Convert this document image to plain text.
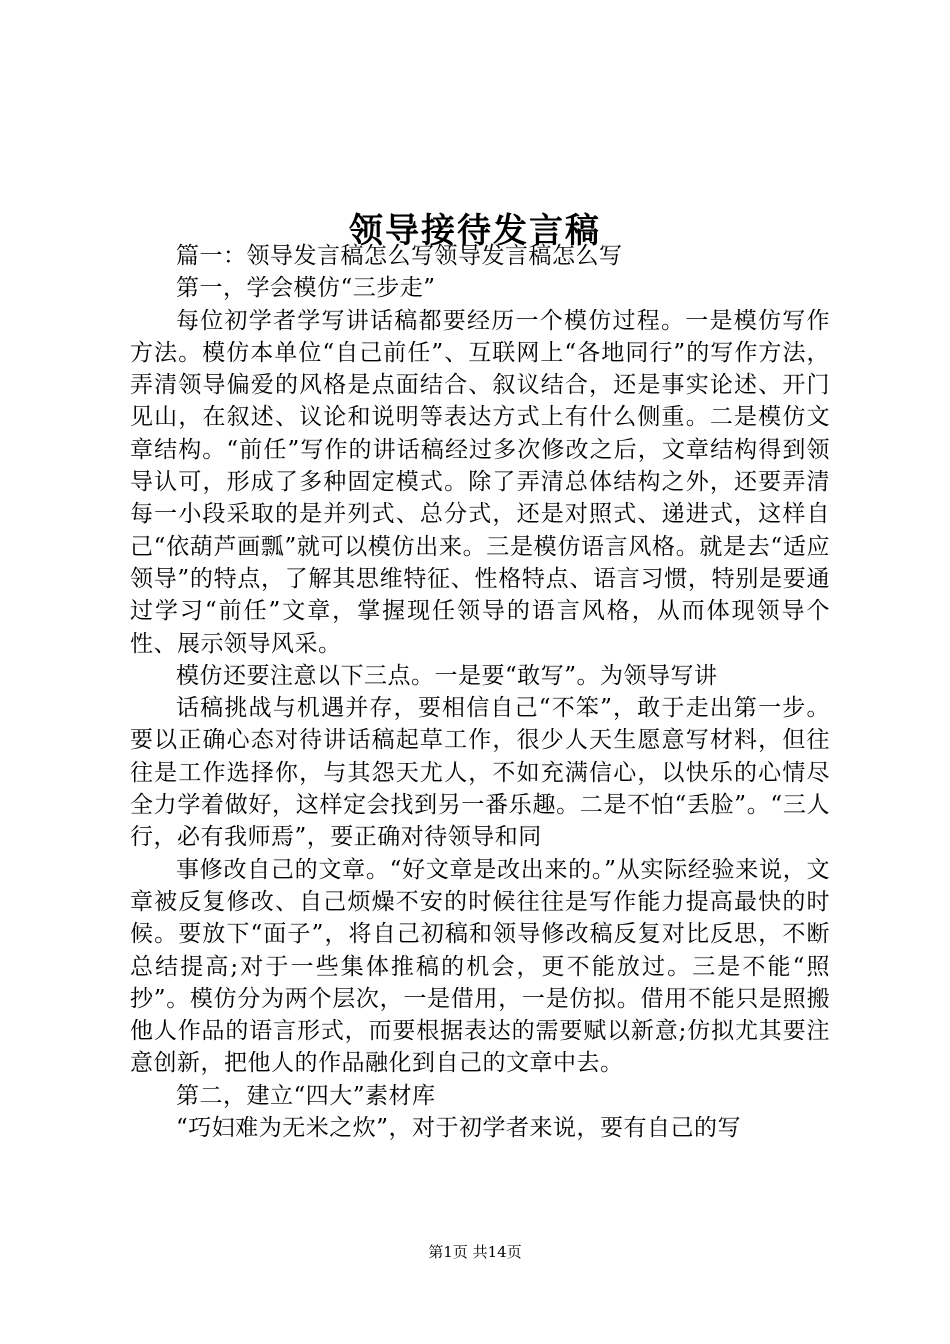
领导接待发言稿

篇一：领导发言稿怎么写领导发言稿怎么写

第一，学会模仿“三步走”

每位初学者学写讲话稿都要经历一个模仿过程。一是模仿写作方法。模仿本单位“自己前任”、互联网上“各地同行”的写作方法，弄清领导偏爱的风格是点面结合、叙议结合，还是事实论述、开门见山，在叙述、议论和说明等表达方式上有什么侧重。二是模仿文章结构。“前任”写作的讲话稿经过多次修改之后，文章结构得到领导认可，形成了多种固定模式。除了弄清总体结构之外，还要弄清每一小段采取的是并列式、总分式，还是对照式、递进式，这样自己“依葫芦画瓢”就可以模仿出来。三是模仿语言风格。就是去“适应领导”的特点，了解其思维特征、性格特点、语言习惯，特别是要通过学习“前任”文章，掌握现任领导的语言风格，从而体现领导个性、展示领导风采。

模仿还要注意以下三点。一是要“敢写”。为领导写讲

话稿挑战与机遇并存，要相信自己“不笨”，敢于走出第一步。要以正确心态对待讲话稿起草工作，很少人天生愿意写材料，但往往是工作选择你，与其怨天尤人，不如充满信心，以快乐的心情尽全力学着做好，这样定会找到另一番乐趣。二是不怕“丢脸”。“三人行，必有我师焉”，要正确对待领导和同

事修改自己的文章。“好文章是改出来的。”从实际经验来说，文章被反复修改、自己烦燥不安的时候往往是写作能力提高最快的时候。要放下“面子”，将自己初稿和领导修改稿反复对比反思，不断总结提高;对于一些集体推稿的机会，更不能放过。三是不能“照抄”。模仿分为两个层次，一是借用，一是仿拟。借用不能只是照搬他人作品的语言形式，而要根据表达的需要赋以新意;仿拟尤其要注意创新，把他人的作品融化到自己的文章中去。

第二，建立“四大”素材库

“巧妇难为无米之炊”，对于初学者来说，要有自己的写

第1页 共14页
